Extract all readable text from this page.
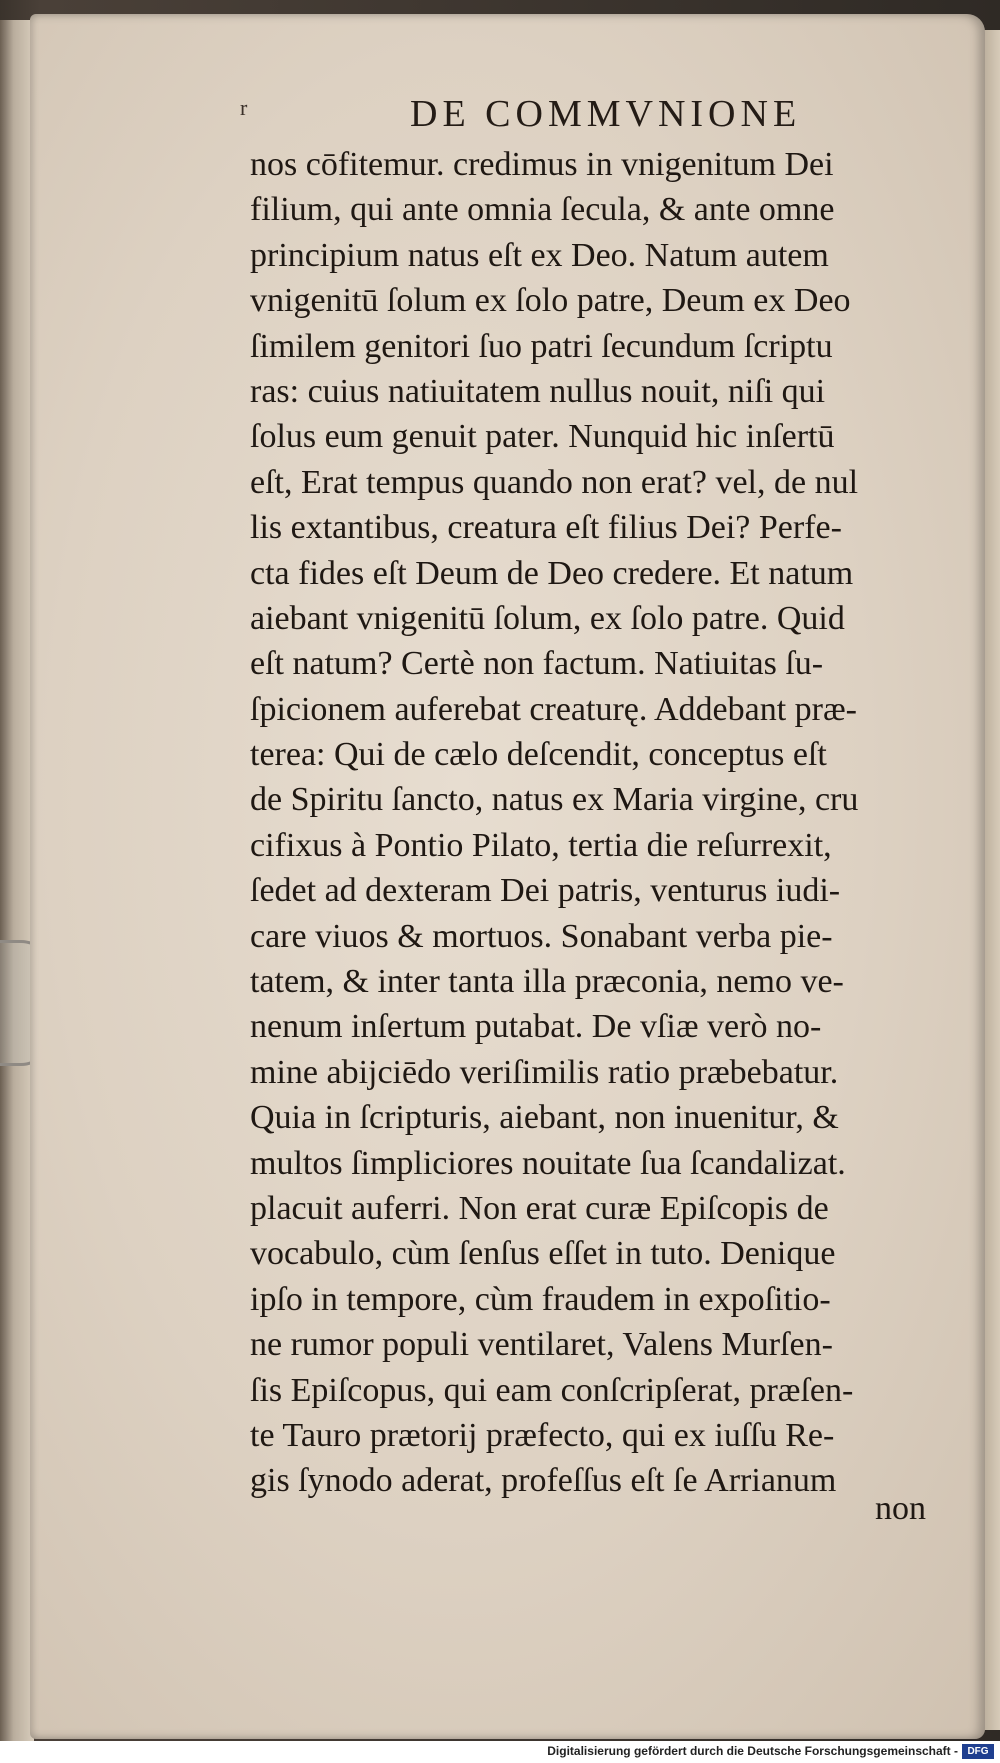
r	DE COMMVNIONE
nos cōfitemur. credimus in vnigenitum Dei
filium, qui ante omnia ſecula, & ante omne
principium natus eſt ex Deo. Natum autem
vnigenitū ſolum ex ſolo patre, Deum ex Deo
ſimilem genitori ſuo patri ſecundum ſcriptu
ras: cuius natiuitatem nullus nouit, niſi qui
ſolus eum genuit pater. Nunquid hic inſertū
eſt, Erat tempus quando non erat? vel, de nul
lis extantibus, creatura eſt filius Dei? Perfe-
cta fides eſt Deum de Deo credere. Et natum
aiebant vnigenitū ſolum, ex ſolo patre. Quid
eſt natum? Certè non factum. Natiuitas ſu-
ſpicionem auferebat creaturę. Addebant præ-
terea: Qui de cælo deſcendit, conceptus eſt
de Spiritu ſancto, natus ex Maria virgine, cru
cifixus à Pontio Pilato, tertia die reſurrexit,
ſedet ad dexteram Dei patris, venturus iudi-
care viuos & mortuos. Sonabant verba pie-
tatem, & inter tanta illa præconia, nemo ve-
nenum inſertum putabat. De vſiæ verò no-
mine abijciēdo veriſimilis ratio præbebatur.
Quia in ſcripturis, aiebant, non inuenitur, &
multos ſimpliciores nouitate ſua ſcandalizat.
placuit auferri. Non erat curæ Epiſcopis de
vocabulo, cùm ſenſus eſſet in tuto. Denique
ipſo in tempore, cùm fraudem in expoſitio-
ne rumor populi ventilaret, Valens Murſen-
ſis Epiſcopus, qui eam conſcripſerat, præſen-
te Tauro prætorij præfecto, qui ex iuſſu Re-
gis ſynodo aderat, profeſſus eſt ſe Arrianum
non
Digitalisierung gefördert durch die Deutsche Forschungsgemeinschaft - DFG
